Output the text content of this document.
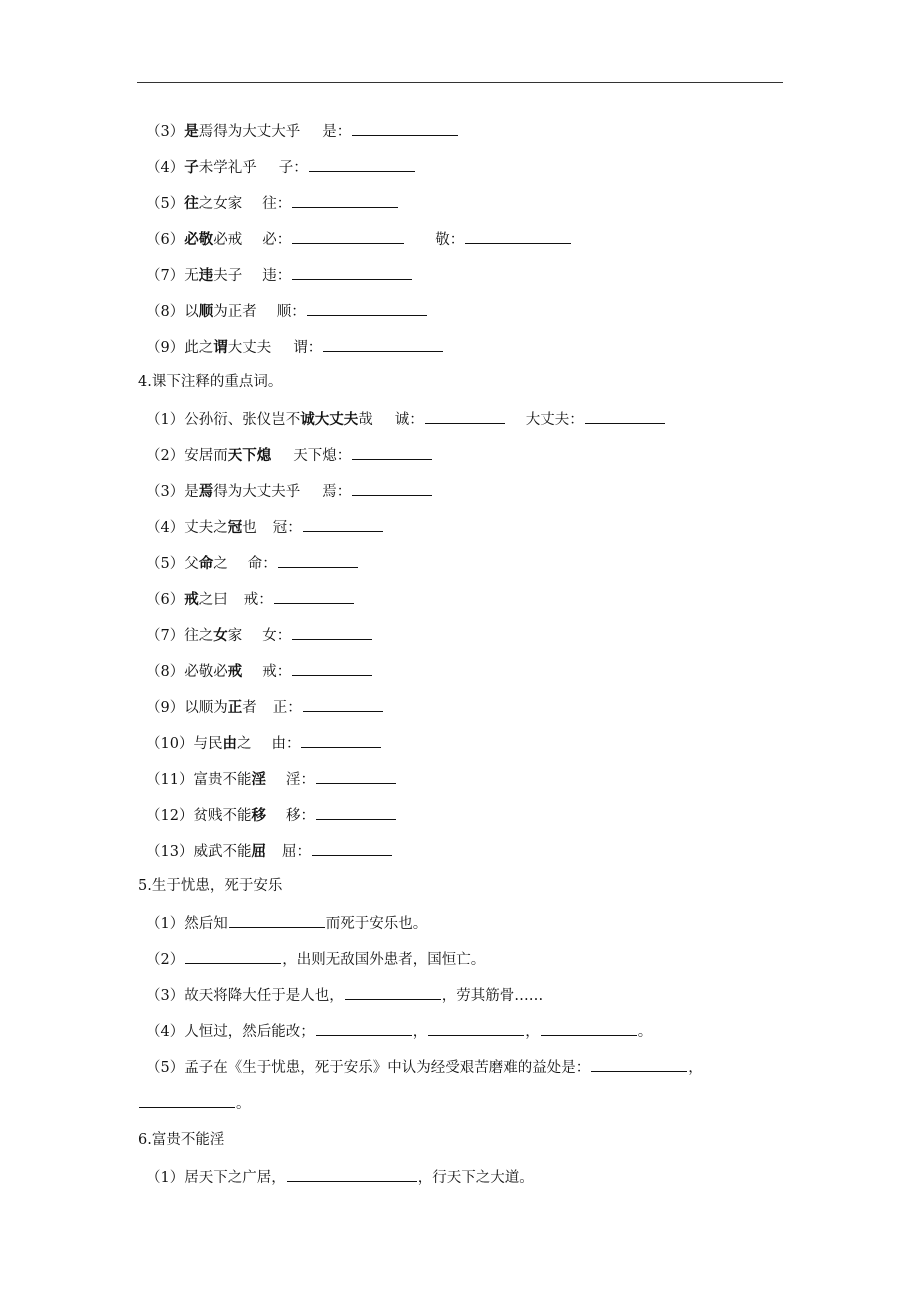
（3）是焉得为大丈大乎 是：
（4）子未学礼乎 子：
（5）往之女家 往：
（6）必敬必戒 必：	敬：
（7）无违夫子 违：
（8）以顺为正者 顺：
（9）此之谓大丈夫 谓：
4.课下注释的重点词。
（1）公孙衍、张仪岂不诚大丈夫哉 诚：	大丈夫：
（2）安居而天下熄 天下熄：
（3）是焉得为大丈夫乎 焉：
（4）丈夫之冠也 冠：
（5）父命之 命：
（6）戒之曰 戒：
（7）往之女家 女：
（8）必敬必戒 戒：
（9）以顺为正者 正：
（10）与民由之 由：
（11）富贵不能淫 淫：
（12）贫贱不能移 移：
（13）威武不能屈 屈：
5.生于忧患，死于安乐
（1）然后知	而死于安乐也。
（2）	，出则无敌国外患者，国恒亡。
（3）故天将降大任于是人也，	，劳其筋骨……
（4）人恒过，然后能改；	，	，	。
（5）孟子在《生于忧患，死于安乐》中认为经受艰苦磨难的益处是：	，
。
6.富贵不能淫
（1）居天下之广居，	，行天下之大道。
